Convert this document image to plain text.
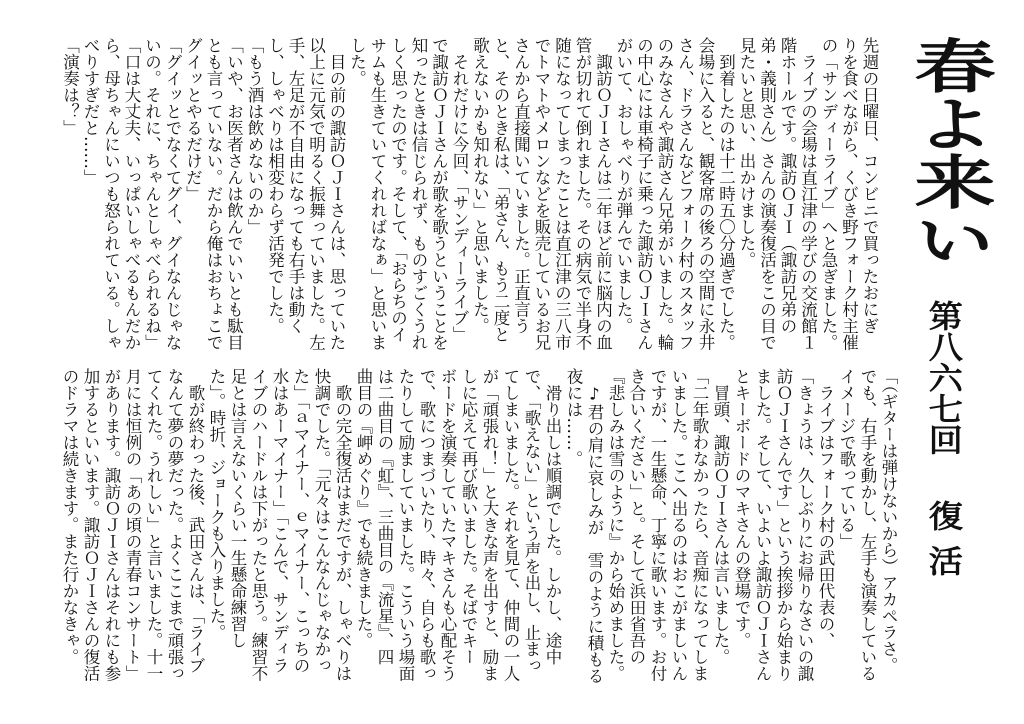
春よ来い
第八六七回
復活
先週の日曜日、コンビニで買ったおにぎ
りを食べながら、くびき野フォーク村主催
の「サンディーライブ」へと急ぎました。
　ライブの会場は直江津の学びの交流館１
階ホールです。諏訪ＯＪＩ（諏訪兄弟の
弟・義則さん）さんの演奏復活をこの目で
見たいと思い、出かけました。
　到着したのは十二時五〇分過ぎでした。
会場に入ると、観客席の後ろの空間に永井
さん、ドラさんなどフォーク村のスタッフ
のみなさんや諏訪さん兄弟がいました。輪
の中心には車椅子に乗った諏訪ＯＪＩさん
がいて、おしゃべりが弾んでいました。
　諏訪ＯＪＩさんは二年ほど前に脳内の血
管が切れて倒れました。その病気で半身不
随になってしまったことは直江津の三八市
でトマトやメロンなどを販売しているお兄
さんから直接聞いていました。正直言う
と、そのとき私は、「弟さん、もう二度と
歌えないかも知れない」と思いました。
　それだけに今回、「サンディーライブ」
で諏訪ＯＪＩさんが歌を歌うということを
知ったときは信じられず、ものすごくうれ
しく思ったのです。そして、「おらちのイ
サムも生きていてくれればなぁ」と思いま
した。
　目の前の諏訪ＯＪＩさんは、思っていた
以上に元気で明るく振舞っていました。左
手、左足が不自由になっても右手は動く
し、しゃべりは相変わらず活発でした。
「もう酒は飲めないのか」
「いや、お医者さんは飲んでいいとも駄目
とも言っていない。だから俺はおちょこで
グイッとやるだけだ」
「グイッとでなくてグイ、グイなんじゃな
いの。それに、ちゃんとしゃべられるね」
「口は大丈夫、いっぱいしゃべるもんだか
ら、母ちゃんにいつも怒られている。しゃ
べりすぎだと……」
「演奏は？」
「（ギターは弾けないから）アカペラさ。
でも、右手を動かし、左手も演奏している
イメージで歌っている」
　ライブはフォーク村の武田代表の、
「きょうは、久しぶりにお帰りなさいの諏
訪ＯＪＩさんです」という挨拶から始まり
ました。そして、いよいよ諏訪ＯＪＩさん
とキーボードのマキさんの登場です。
　冒頭、諏訪ＯＪＩさんは言いました。
「二年歌わなかったら、音痴になってしま
いました。ここへ出るのはおこがましいん
ですが、一生懸命、丁寧に歌います。お付
き合いください」と。そして浜田省吾の
『悲しみは雪のように』から始めました。
　♪君の肩に哀しみが　雪のように積もる
夜には……。
　滑り出しは順調でした。しかし、途中
で、「歌えない」という声を出し、止まっ
てしまいました。それを見て、仲間の一人
が「頑張れ！」と大きな声を出すと、励ま
しに応えて再び歌いました。そばでキー
ボードを演奏していたマキさんも心配そう
で、歌につまづいたり、時々、自らも歌っ
たりして励ましていました。こういう場面
は二曲目の『虹』、三曲目の『流星』、四
曲目の『岬めぐり』でも続きました。
　歌の完全復活はまだですが、しゃべりは
快調でした。「元々はこんなんじゃなかっ
た」「ａマイナー、ｅマイナー、こっちの
水はあーマイナー」「こんで、サンディラ
イブのハードルは下がったと思う。練習不
足とは言えないくらい一生懸命練習し
た」。時折、ジョークも入りました。
　歌が終わった後、武田さんは、「ライブ
なんて夢の夢だった。よくここまで頑張っ
てくれた。うれしい」と言いました。十一
月には恒例の「あの頃の青春コンサート」
があります。諏訪ＯＪＩさんはそれにも参
加するといいます。諏訪ＯＪＩさんの復活
のドラマは続きます。また行かなきゃ。
